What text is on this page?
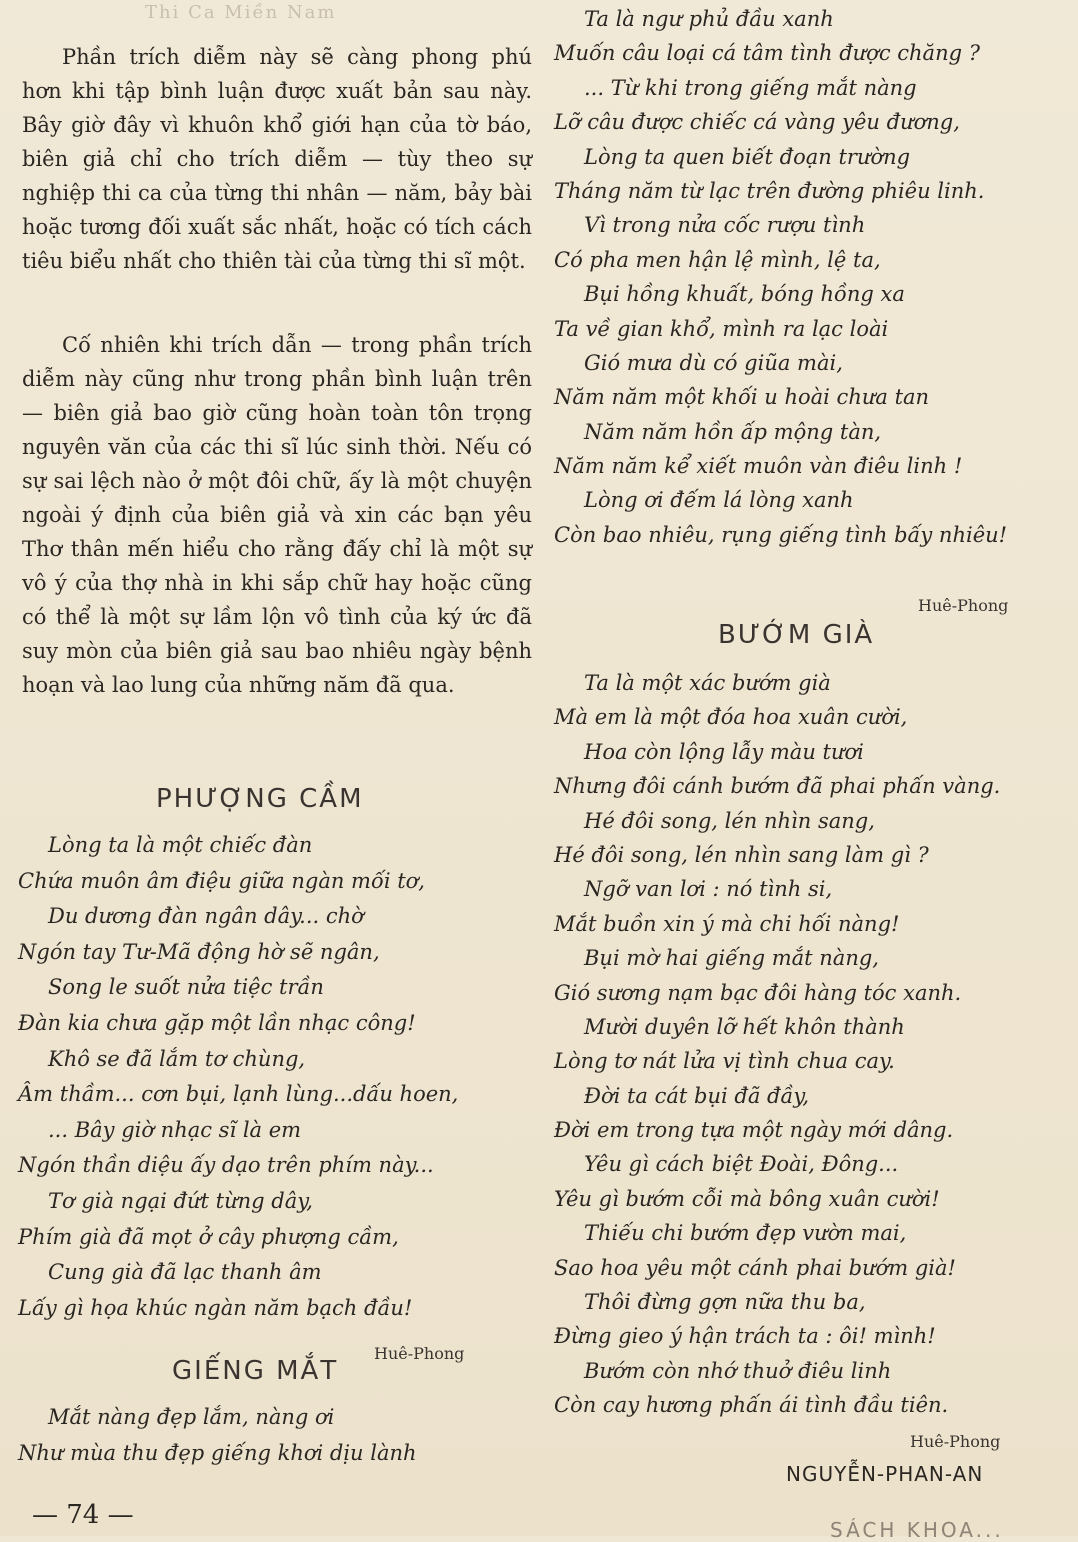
Thi Ca Miền Nam

Phần trích diễm này sẽ càng phong phú hơn khi tập bình luận được xuất bản sau này. Bây giờ đây vì khuôn khổ giới hạn của tờ báo, biên giả chỉ cho trích diễm — tùy theo sự nghiệp thi ca của từng thi nhân — năm, bảy bài hoặc tương đối xuất sắc nhất, hoặc có tích cách tiêu biểu nhất cho thiên tài của từng thi sĩ một.

Cố nhiên khi trích dẫn — trong phần trích diễm này cũng như trong phần bình luận trên — biên giả bao giờ cũng hoàn toàn tôn trọng nguyên văn của các thi sĩ lúc sinh thời. Nếu có sự sai lệch nào ở một đôi chữ, ấy là một chuyện ngoài ý định của biên giả và xin các bạn yêu Thơ thân mến hiểu cho rằng đấy chỉ là một sự vô ý của thợ nhà in khi sắp chữ hay hoặc cũng có thể là một sự lầm lộn vô tình của ký ức đã suy mòn của biên giả sau bao nhiêu ngày bệnh hoạn và lao lung của những năm đã qua.

PHƯỢNG CẦM
Lòng ta là một chiếc đàn
Chứa muôn âm điệu giữa ngàn mối tơ,
Du dương đàn ngân dây... chờ
Ngón tay Tư-Mã động hờ sẽ ngân,
Song le suốt nửa tiệc trần
Đàn kia chưa gặp một lần nhạc công!
Khô se đã lắm tơ chùng,
Âm thầm... cơn bụi, lạnh lùng...dấu hoen,
... Bây giờ nhạc sĩ là em
Ngón thần diệu ấy dạo trên phím này...
Tơ già ngại đứt từng dây,
Phím già đã mọt ở cây phượng cầm,
Cung già đã lạc thanh âm
Lấy gì họa khúc ngàn năm bạch đầu!
Huê-Phong
GIẾNG MẮT
Mắt nàng đẹp lắm, nàng ơi
Như mùa thu đẹp giếng khơi dịu lành
— 74 —
Ta là ngư phủ đầu xanh
Muốn câu loại cá tâm tình được chăng ?
... Từ khi trong giếng mắt nàng
Lỡ câu được chiếc cá vàng yêu đương,
Lòng ta quen biết đoạn trường
Tháng năm từ lạc trên đường phiêu linh.
Vì trong nửa cốc rượu tình
Có pha men hận lệ mình, lệ ta,
Bụi hồng khuất, bóng hồng xa
Ta về gian khổ, mình ra lạc loài
Gió mưa dù có giũa mài,
Năm năm một khối u hoài chưa tan
Năm năm hồn ấp mộng tàn,
Năm năm kể xiết muôn vàn điêu linh !
Lòng ơi đếm lá lòng xanh
Còn bao nhiêu, rụng giếng tình bấy nhiêu!
Huê-Phong
BƯỚM GIÀ
Ta là một xác bướm già
Mà em là một đóa hoa xuân cười,
Hoa còn lộng lẫy màu tươi
Nhưng đôi cánh bướm đã phai phấn vàng.
Hé đôi song, lén nhìn sang,
Hé đôi song, lén nhìn sang làm gì ?
Ngỡ van lơi : nó tình si,
Mắt buồn xin ý mà chi hối nàng!
Bụi mờ hai giếng mắt nàng,
Gió sương nạm bạc đôi hàng tóc xanh.
Mười duyên lỡ hết khôn thành
Lòng tơ nát lửa vị tình chua cay.
Đời ta cát bụi đã đầy,
Đời em trong tựa một ngày mới dâng.
Yêu gì cách biệt Đoài, Đông...
Yêu gì bướm cỗi mà bông xuân cười!
Thiếu chi bướm đẹp vườn mai,
Sao hoa yêu một cánh phai bướm già!
Thôi đừng gợn nữa thu ba,
Đừng gieo ý hận trách ta : ôi! mình!
Bướm còn nhớ thuở điêu linh
Còn cay hương phấn ái tình đầu tiên.
Huê-Phong
NGUYỄN-PHAN-AN
SÁCH KHOA...
